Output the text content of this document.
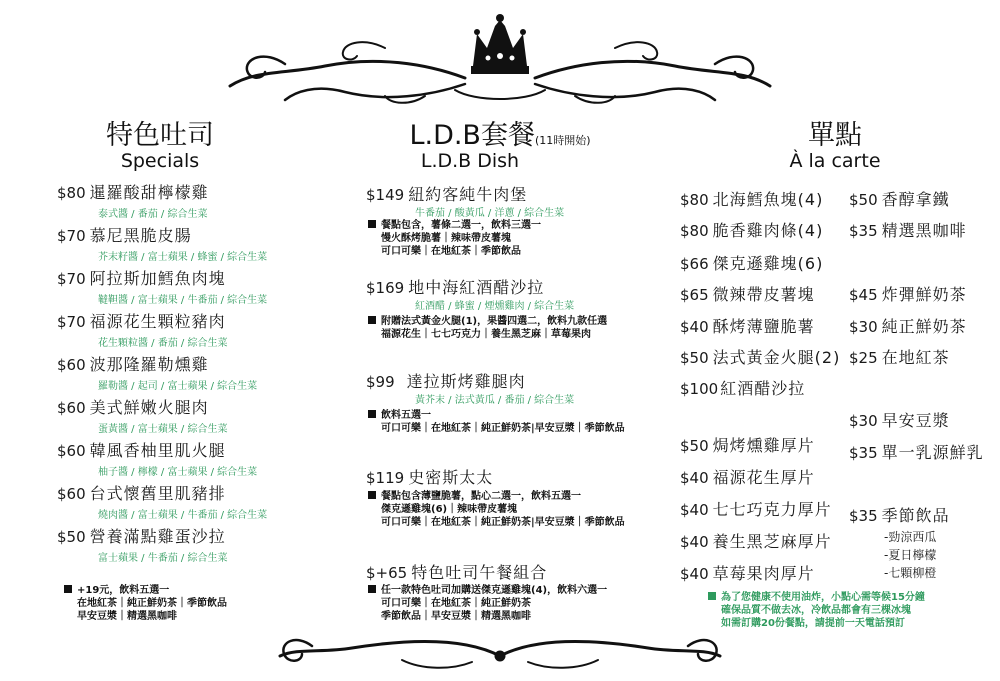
特色吐司
Specials
L.D.B套餐(11時開始)
L.D.B Dish
單點
À la carte
$80 暹羅酸甜檸檬雞
泰式醬 / 番茄 / 綜合生菜
$70 慕尼黑脆皮腸
芥末籽醬 / 富士蘋果 / 蜂蜜 / 綜合生菜
$70 阿拉斯加鱈魚肉塊
韃靼醬 / 富士蘋果 / 牛番茄 / 綜合生菜
$70 福源花生顆粒豬肉
花生顆粒醬 / 番茄 / 綜合生菜
$60 波那隆羅勒燻雞
羅勒醬 / 起司 / 富士蘋果 / 綜合生菜
$60 美式鮮嫩火腿肉
蛋黃醬 / 富士蘋果 / 綜合生菜
$60 韓風香柚里肌火腿
柚子醬 / 檸檬 / 富士蘋果 / 綜合生菜
$60 台式懷舊里肌豬排
燒肉醬 / 富士蘋果 / 牛番茄 / 綜合生菜
$50 營養滿點雞蛋沙拉
富士蘋果 / 牛番茄 / 綜合生菜
+19元，飲料五選一
在地紅茶｜純正鮮奶茶｜季節飲品
早安豆漿｜精選黑咖啡
$149 紐約客純牛肉堡
牛番茄 / 酸黃瓜 / 洋蔥 / 綜合生菜
餐點包含，薯條二選一，飲料三選一
慢火酥烤脆薯｜辣味帶皮薯塊
可口可樂｜在地紅茶｜季節飲品
$169 地中海紅酒醋沙拉
紅酒醋 / 蜂蜜 / 煙燻雞肉 / 綜合生菜
附贈法式黃金火腿(1)，果醬四選二，飲料九款任選
福源花生｜七七巧克力｜養生黑芝麻｜草莓果肉
$99 達拉斯烤雞腿肉
黃芥末 / 法式黃瓜 / 番茄 / 綜合生菜
飲料五選一
可口可樂｜在地紅茶｜純正鮮奶茶|早安豆漿｜季節飲品
$119 史密斯太太
餐點包含薄鹽脆薯，點心二選一，飲料五選一
傑克遜雞塊(6)｜辣味帶皮薯塊
可口可樂｜在地紅茶｜純正鮮奶茶|早安豆漿｜季節飲品
$+65 特色吐司午餐組合
任一款特色吐司加購送傑克遜雞塊(4)，飲料六選一
可口可樂｜在地紅茶｜純正鮮奶茶
季節飲品｜早安豆漿｜精選黑咖啡
$80 北海鱈魚塊(4)
$80 脆香雞肉條(4)
$66 傑克遜雞塊(6)
$65 微辣帶皮薯塊
$40 酥烤薄鹽脆薯
$50 法式黃金火腿(2)
$100 紅酒醋沙拉
$50 焗烤燻雞厚片
$40 福源花生厚片
$40 七七巧克力厚片
$40 養生黑芝麻厚片
$40 草莓果肉厚片
$50 香醇拿鐵
$35 精選黑咖啡
$45 炸彈鮮奶茶
$30 純正鮮奶茶
$25 在地紅茶
$30 早安豆漿
$35 單一乳源鮮乳
$35 季節飲品
-勁涼西瓜
-夏日檸檬
-七顆柳橙
為了您健康不使用油炸，小點心需等候15分鐘
確保品質不做去冰，冷飲品都會有三棵冰塊
如需訂購20份餐點，請提前一天電話預訂
